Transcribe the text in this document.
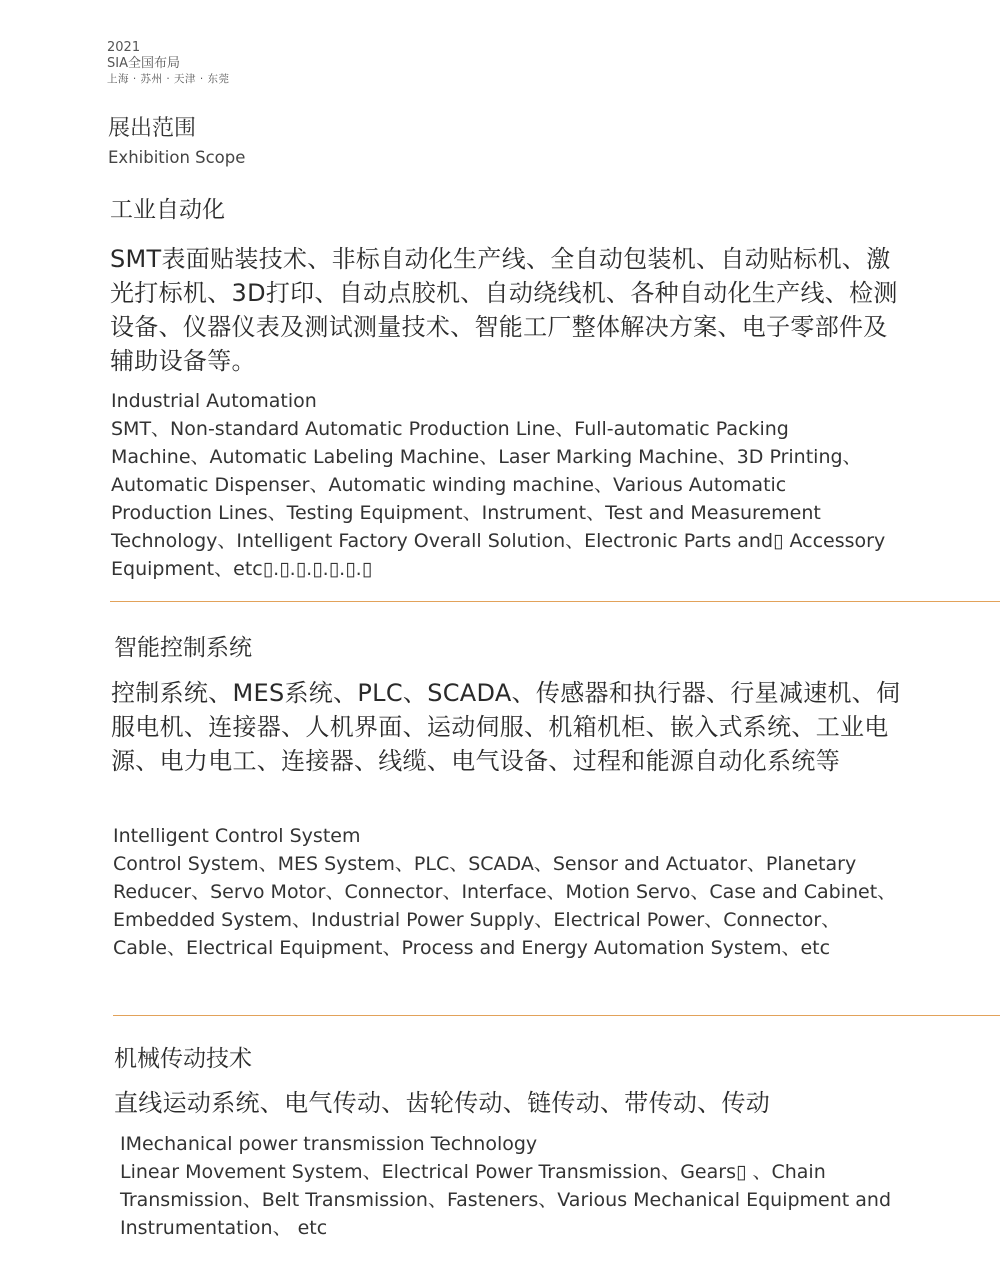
2021
SIA全国布局
上海 · 苏州 · 天津 · 东莞
展出范围
Exhibition Scope
工业自动化
SMT表面贴装技术、非标自动化生产线、全自动包装机、自动贴标机、激光打标机、3D打印、自动点胶机、自动绕线机、各种自动化生产线、检测设备、仪器仪表及测试测量技术、智能工厂整体解决方案、电子零部件及辅助设备等。
Industrial Automation
SMT、Non-standard Automatic Production Line、Full-automatic Packing Machine、Automatic Labeling Machine、Laser Marking Machine、3D Printing、Automatic Dispenser、Automatic winding machine、Various Automatic Production Lines、Testing Equipment、Instrument、Test and Measurement Technology、Intelligent Factory Overall Solution、Electronic Parts and▯ Accessory Equipment、etc▯.▯.▯.▯.▯.▯.▯
智能控制系统
控制系统、MES系统、PLC、SCADA、传感器和执行器、行星减速机、伺服电机、连接器、人机界面、运动伺服、机箱机柜、嵌入式系统、工业电源、电力电工、连接器、线缆、电气设备、过程和能源自动化系统等
Intelligent Control System
Control System、MES System、PLC、SCADA、Sensor and Actuator、Planetary Reducer、Servo Motor、Connector、Interface、Motion Servo、Case and Cabinet、Embedded System、Industrial Power Supply、Electrical Power、Connector、Cable、Electrical Equipment、Process and Energy Automation System、etc
机械传动技术
直线运动系统、电气传动、齿轮传动、链传动、带传动、传动
IMechanical power transmission Technology
Linear Movement System、Electrical Power Transmission、Gears▯ 、Chain Transmission、Belt Transmission、Fasteners、Various Mechanical Equipment and Instrumentation、 etc
